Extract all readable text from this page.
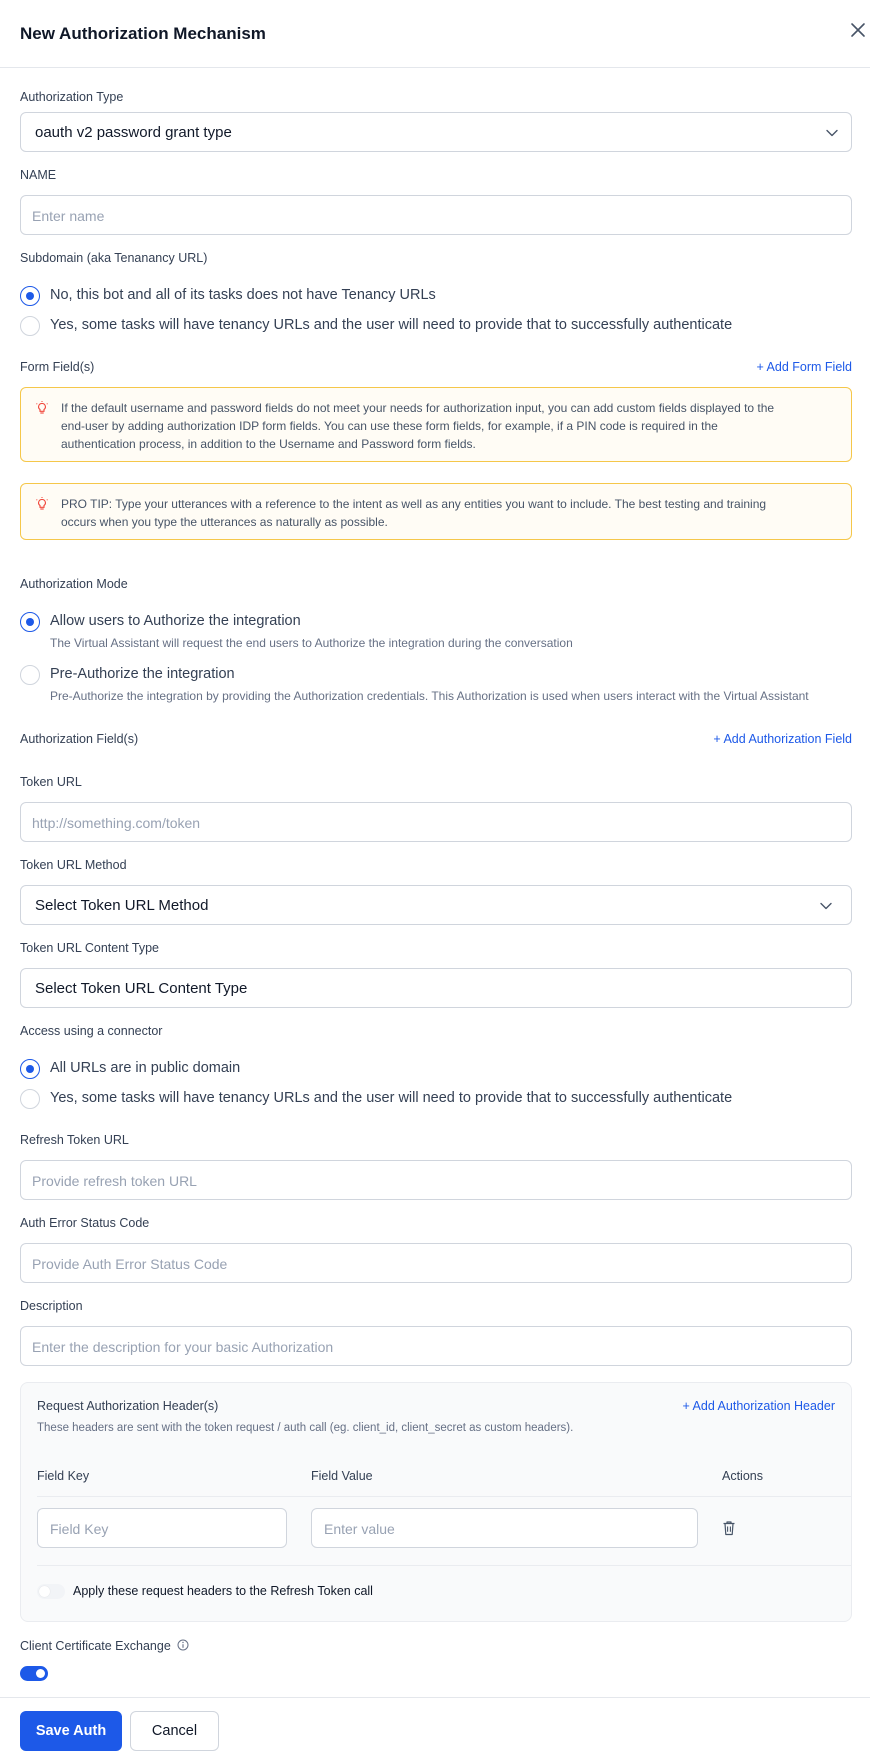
New Authorization Mechanism
Authorization Type
oauth v2 password grant type
NAME
Enter name
Subdomain (aka Tenanancy URL)
No, this bot and all of its tasks does not have Tenancy URLs
Yes, some tasks will have tenancy URLs and the user will need to provide that to successfully authenticate
Form Field(s)	+ Add Form Field
If the default username and password fields do not meet your needs for authorization input, you can add custom fields displayed to the
end-user by adding authorization IDP form fields. You can use these form fields, for example, if a PIN code is required in the
authentication process, in addition to the Username and Password form fields.
PRO TIP: Type your utterances with a reference to the intent as well as any entities you want to include. The best testing and training
occurs when you type the utterances as naturally as possible.
Authorization Mode
Allow users to Authorize the integration
The Virtual Assistant will request the end users to Authorize the integration during the conversation
Pre-Authorize the integration
Pre-Authorize the integration by providing the Authorization credentials. This Authorization is used when users interact with the Virtual Assistant
Authorization Field(s)	+ Add Authorization Field
Token URL
http://something.com/token
Token URL Method
Select Token URL Method
Token URL Content Type
Select Token URL Content Type
Access using a connector
All URLs are in public domain
Yes, some tasks will have tenancy URLs and the user will need to provide that to successfully authenticate
Refresh Token URL
Provide refresh token URL
Auth Error Status Code
Provide Auth Error Status Code
Description
Enter the description for your basic Authorization
Request Authorization Header(s)	+ Add Authorization Header
These headers are sent with the token request / auth call (eg. client_id, client_secret as custom headers).
Field Key	Field Value	Actions
Field Key	Enter value
Apply these request headers to the Refresh Token call
Client Certificate Exchange
Save Auth	Cancel
